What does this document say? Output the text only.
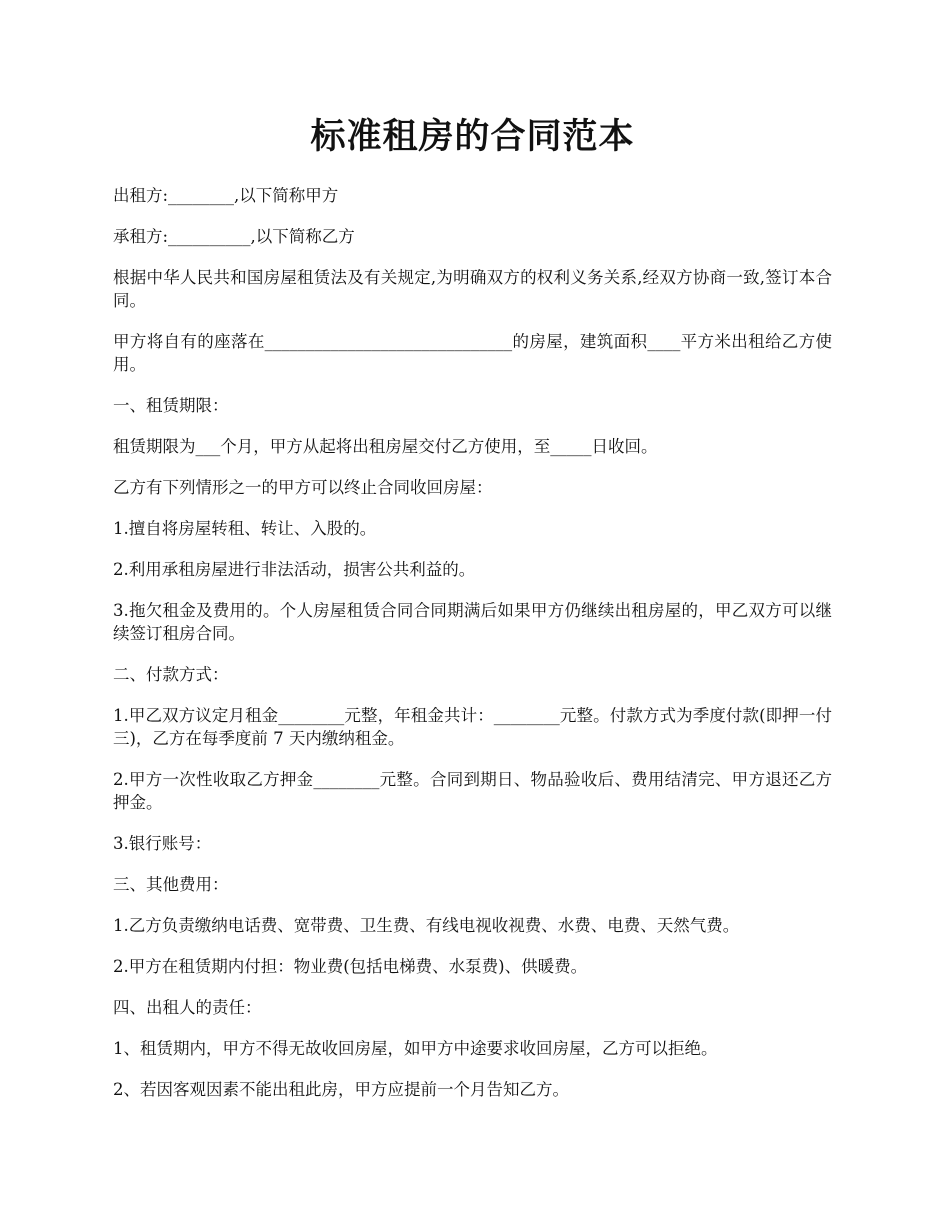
标准租房的合同范本

出租方:________,以下简称甲方

承租方:__________,以下简称乙方

根据中华人民共和国房屋租赁法及有关规定,为明确双方的权利义务关系,经双方协商一致,签订本合同。

甲方将自有的座落在______________________________的房屋，建筑面积____平方米出租给乙方使用。

一、租赁期限：

租赁期限为___个月，甲方从起将出租房屋交付乙方使用，至_____日收回。

乙方有下列情形之一的甲方可以终止合同收回房屋：

1.擅自将房屋转租、转让、入股的。

2.利用承租房屋进行非法活动，损害公共利益的。

3.拖欠租金及费用的。个人房屋租赁合同合同期满后如果甲方仍继续出租房屋的，甲乙双方可以继续签订租房合同。

二、付款方式：

1.甲乙双方议定月租金________元整，年租金共计：________元整。付款方式为季度付款(即押一付三)，乙方在每季度前 7 天内缴纳租金。

2.甲方一次性收取乙方押金________元整。合同到期日、物品验收后、费用结清完、甲方退还乙方押金。

3.银行账号：

三、其他费用：

1.乙方负责缴纳电话费、宽带费、卫生费、有线电视收视费、水费、电费、天然气费。

2.甲方在租赁期内付担：物业费(包括电梯费、水泵费)、供暖费。

四、出租人的责任：

1、租赁期内，甲方不得无故收回房屋，如甲方中途要求收回房屋，乙方可以拒绝。

2、若因客观因素不能出租此房，甲方应提前一个月告知乙方。
